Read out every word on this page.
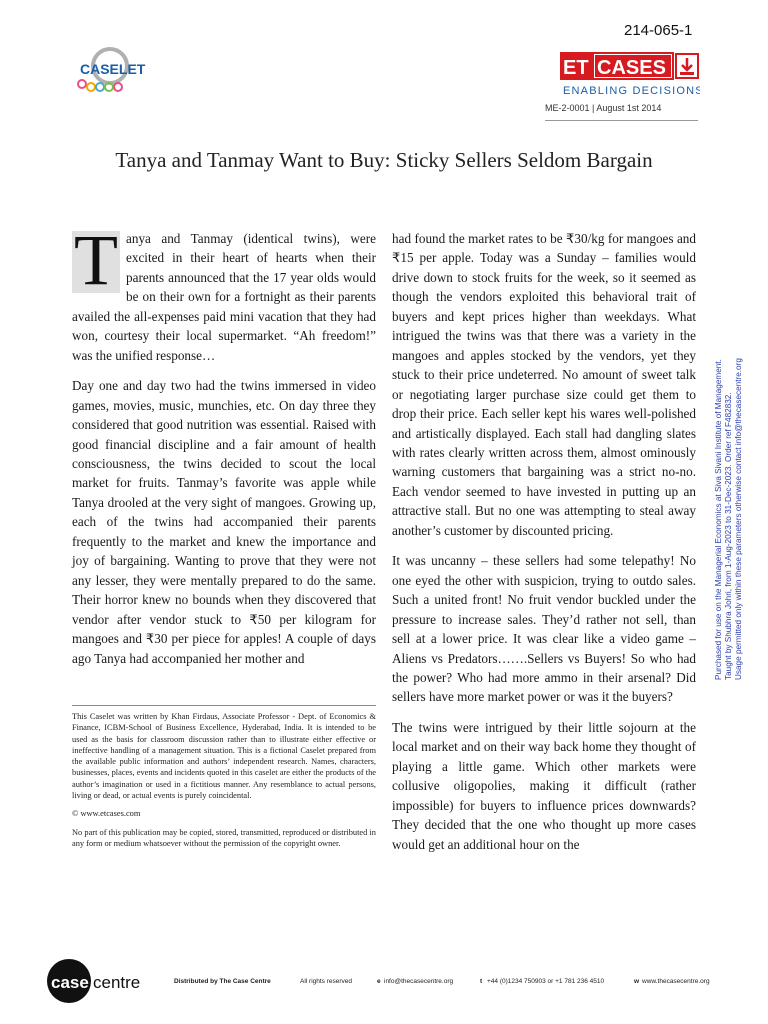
214-065-1
CASELET	ET CASES
ENABLING DECISIONS
ME-2-0001 | August 1st 2014
Tanya and Tanmay Want to Buy: Sticky Sellers Seldom Bargain

T anya and Tanmay (identical twins), were excited in their heart of hearts when their parents announced that the 17 year olds would be on their own for a fortnight as their parents availed the all-expenses paid mini vacation that they had won, courtesy their local supermarket. “Ah freedom!” was the unified response…

Day one and day two had the twins immersed in video games, movies, music, munchies, etc. On day three they considered that good nutrition was essential. Raised with good financial discipline and a fair amount of health consciousness, the twins decided to scout the local market for fruits. Tanmay’s favorite was apple while Tanya drooled at the very sight of mangoes. Growing up, each of the twins had accompanied their parents frequently to the market and knew the importance and joy of bargaining. Wanting to prove that they were not any lesser, they were mentally prepared to do the same. Their horror knew no bounds when they discovered that vendor after vendor stuck to ₹50 per kilogram for mangoes and ₹30 per piece for apples! A couple of days ago Tanya had accompanied her mother and

had found the market rates to be ₹30/kg for mangoes and ₹15 per apple. Today was a Sunday – families would drive down to stock fruits for the week, so it seemed as though the vendors exploited this behavioral trait of buyers and kept prices higher than weekdays. What intrigued the twins was that there was a variety in the mangoes and apples stocked by the vendors, yet they stuck to their price undeterred. No amount of sweet talk or negotiating larger purchase size could get them to drop their price. Each seller kept his wares well-polished and artistically displayed. Each stall had dangling slates with rates clearly written across them, almost ominously warning customers that bargaining was a strict no-no. Each vendor seemed to have invested in putting up an attractive stall. But no one was attempting to steal away another’s customer by discounted pricing.

It was uncanny – these sellers had some telepathy! No one eyed the other with suspicion, trying to outdo sales. Such a united front! No fruit vendor buckled under the pressure to increase sales. They’d rather not sell, than sell at a lower price. It was clear like a video game – Aliens vs Predators…….Sellers vs Buyers! So who had the power? Who had more ammo in their arsenal? Did sellers have more market power or was it the buyers?

The twins were intrigued by their little sojourn at the local market and on their way back home they thought of playing a little game. Which other markets were collusive oligopolies, making it difficult (rather impossible) for buyers to influence prices downwards? They decided that the one who thought up more cases would get an additional hour on the

This Caselet was written by Khan Firdaus, Associate Professor - Dept. of Economics & Finance, ICBM-School of Business Excellence, Hyderabad, India. It is intended to be used as the basis for classroom discussion rather than to illustrate either effective or ineffective handling of a management situation. This is a fictional Caselet prepared from the available public information and authors’ independent research. Names, characters, businesses, places, events and incidents quoted in this caselet are either the products of the author’s imagination or used in a fictitious manner. Any resemblance to actual persons, living or dead, or actual events is purely coincidental.

© www.etcases.com

No part of this publication may be copied, stored, transmitted, reproduced or distributed in any form or medium whatsoever without the permission of the copyright owner.

Purchased for use on the Managerial Economics at Siva Sivani Institute of Management. Taught by Shubhra Johri, from 1-Aug-2023 to 31-Dec-2023. Order ref F482832. Usage permitted only within these parameters otherwise contact info@thecasecentre.org
case centre	Distributed by The Case Centre	All rights reserved	e info@thecasecentre.org	t +44 (0)1234 750903 or +1 781 236 4510	w www.thecasecentre.org
